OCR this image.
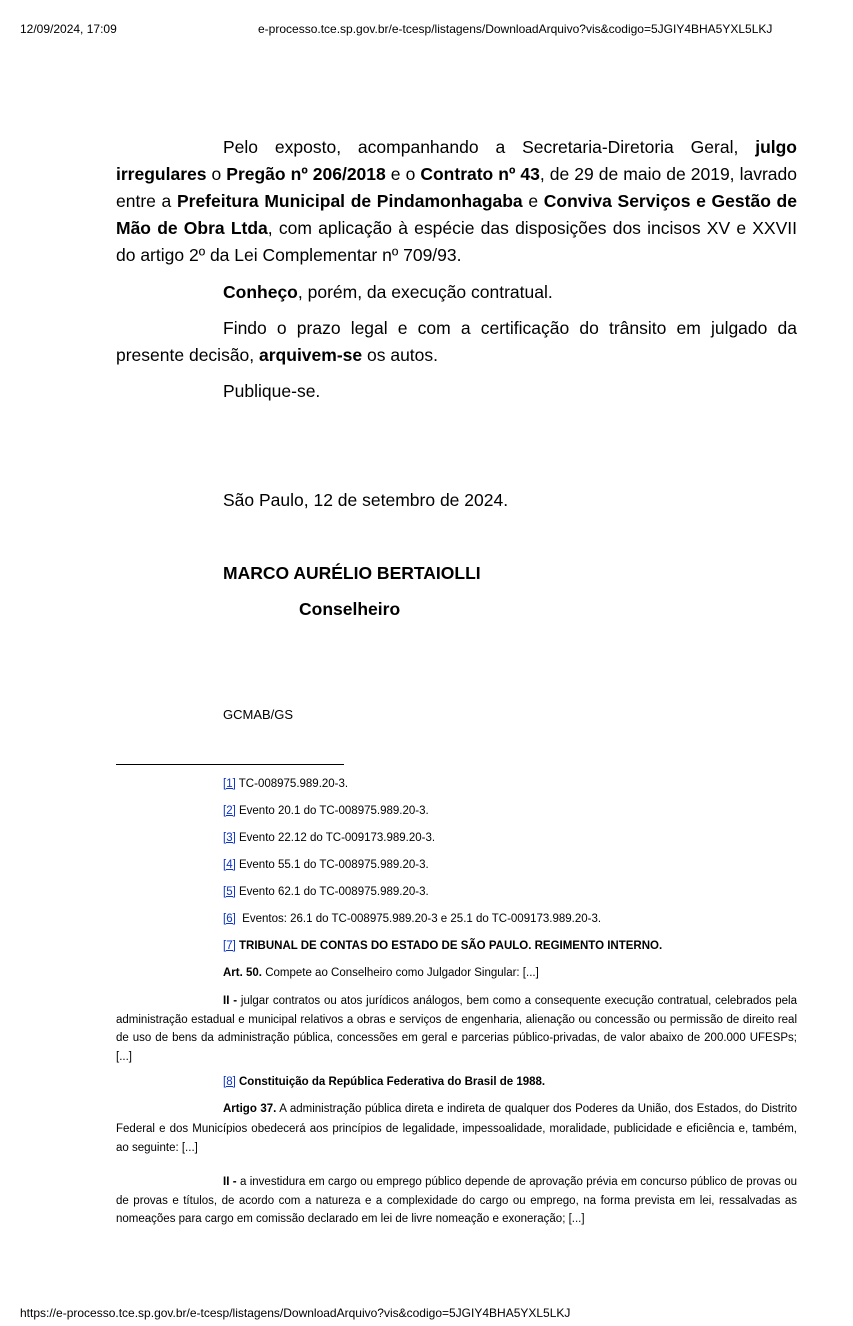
12/09/2024, 17:09	e-processo.tce.sp.gov.br/e-tcesp/listagens/DownloadArquivo?vis&codigo=5JGIY4BHA5YXL5LKJ
Pelo exposto, acompanhando a Secretaria-Diretoria Geral, julgo irregulares o Pregão nº 206/2018 e o Contrato nº 43, de 29 de maio de 2019, lavrado entre a Prefeitura Municipal de Pindamonhagaba e Conviva Serviços e Gestão de Mão de Obra Ltda, com aplicação à espécie das disposições dos incisos XV e XXVII do artigo 2º da Lei Complementar nº 709/93.
Conheço, porém, da execução contratual.
Findo o prazo legal e com a certificação do trânsito em julgado da presente decisão, arquivem-se os autos.
Publique-se.
São Paulo, 12 de setembro de 2024.
MARCO AURÉLIO BERTAIOLLI
Conselheiro
GCMAB/GS
[1] TC-008975.989.20-3.
[2] Evento 20.1 do TC-008975.989.20-3.
[3] Evento 22.12 do TC-009173.989.20-3.
[4] Evento 55.1 do TC-008975.989.20-3.
[5] Evento 62.1 do TC-008975.989.20-3.
[6]  Eventos: 26.1 do TC-008975.989.20-3 e 25.1 do TC-009173.989.20-3.
[7] TRIBUNAL DE CONTAS DO ESTADO DE SÃO PAULO. REGIMENTO INTERNO.
Art. 50. Compete ao Conselheiro como Julgador Singular: [...]
II - julgar contratos ou atos jurídicos análogos, bem como a consequente execução contratual, celebrados pela administração estadual e municipal relativos a obras e serviços de engenharia, alienação ou concessão ou permissão de direito real de uso de bens da administração pública, concessões em geral e parcerias público-privadas, de valor abaixo de 200.000 UFESPs; [...]
[8] Constituição da República Federativa do Brasil de 1988.
Artigo 37. A administração pública direta e indireta de qualquer dos Poderes da União, dos Estados, do Distrito Federal e dos Municípios obedecerá aos princípios de legalidade, impessoalidade, moralidade, publicidade e eficiência e, também, ao seguinte: [...]
II - a investidura em cargo ou emprego público depende de aprovação prévia em concurso público de provas ou de provas e títulos, de acordo com a natureza e a complexidade do cargo ou emprego, na forma prevista em lei, ressalvadas as nomeações para cargo em comissão declarado em lei de livre nomeação e exoneração; [...]
https://e-processo.tce.sp.gov.br/e-tcesp/listagens/DownloadArquivo?vis&codigo=5JGIY4BHA5YXL5LKJ
